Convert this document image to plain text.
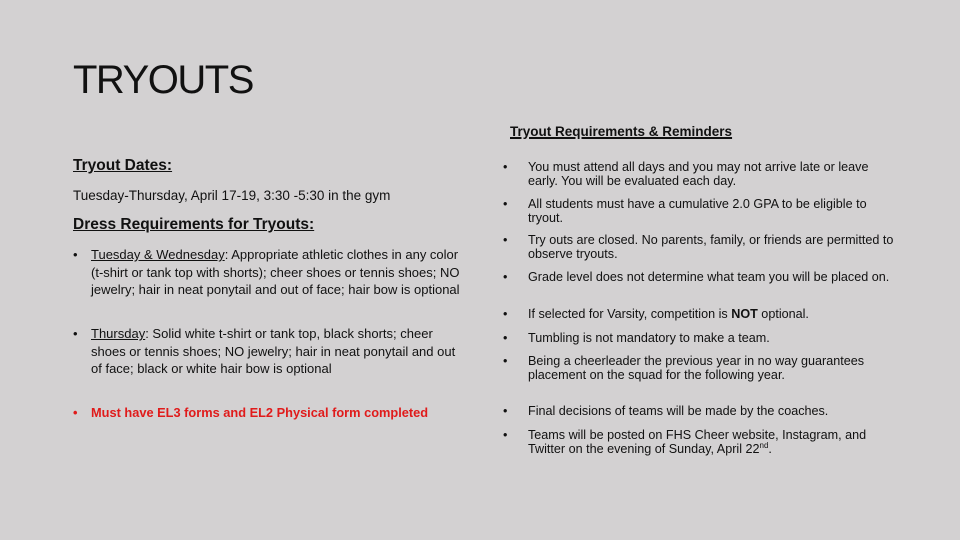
TRYOUTS
Tryout Requirements & Reminders
Tryout Dates:
Tuesday-Thursday, April 17-19, 3:30 -5:30 in the gym
Dress Requirements for Tryouts:
• Tuesday & Wednesday: Appropriate athletic clothes in any color (t-shirt or tank top with shorts); cheer shoes or tennis shoes; NO jewelry; hair in neat ponytail and out of face; hair bow is optional
• Thursday: Solid white t-shirt or tank top, black shorts; cheer shoes or tennis shoes; NO jewelry; hair in neat ponytail and out of face; black or white hair bow is optional
• Must have EL3 forms and EL2 Physical form completed
• You must attend all days and you may not arrive late or leave early. You will be evaluated each day.
• All students must have a cumulative 2.0 GPA to be eligible to tryout.
• Try outs are closed. No parents, family, or friends are permitted to observe tryouts.
• Grade level does not determine what team you will be placed on.
• If selected for Varsity, competition is NOT optional.
• Tumbling is not mandatory to make a team.
• Being a cheerleader the previous year in no way guarantees placement on the squad for the following year.
• Final decisions of teams will be made by the coaches.
• Teams will be posted on FHS Cheer website, Instagram, and Twitter on the evening of Sunday, April 22nd.
